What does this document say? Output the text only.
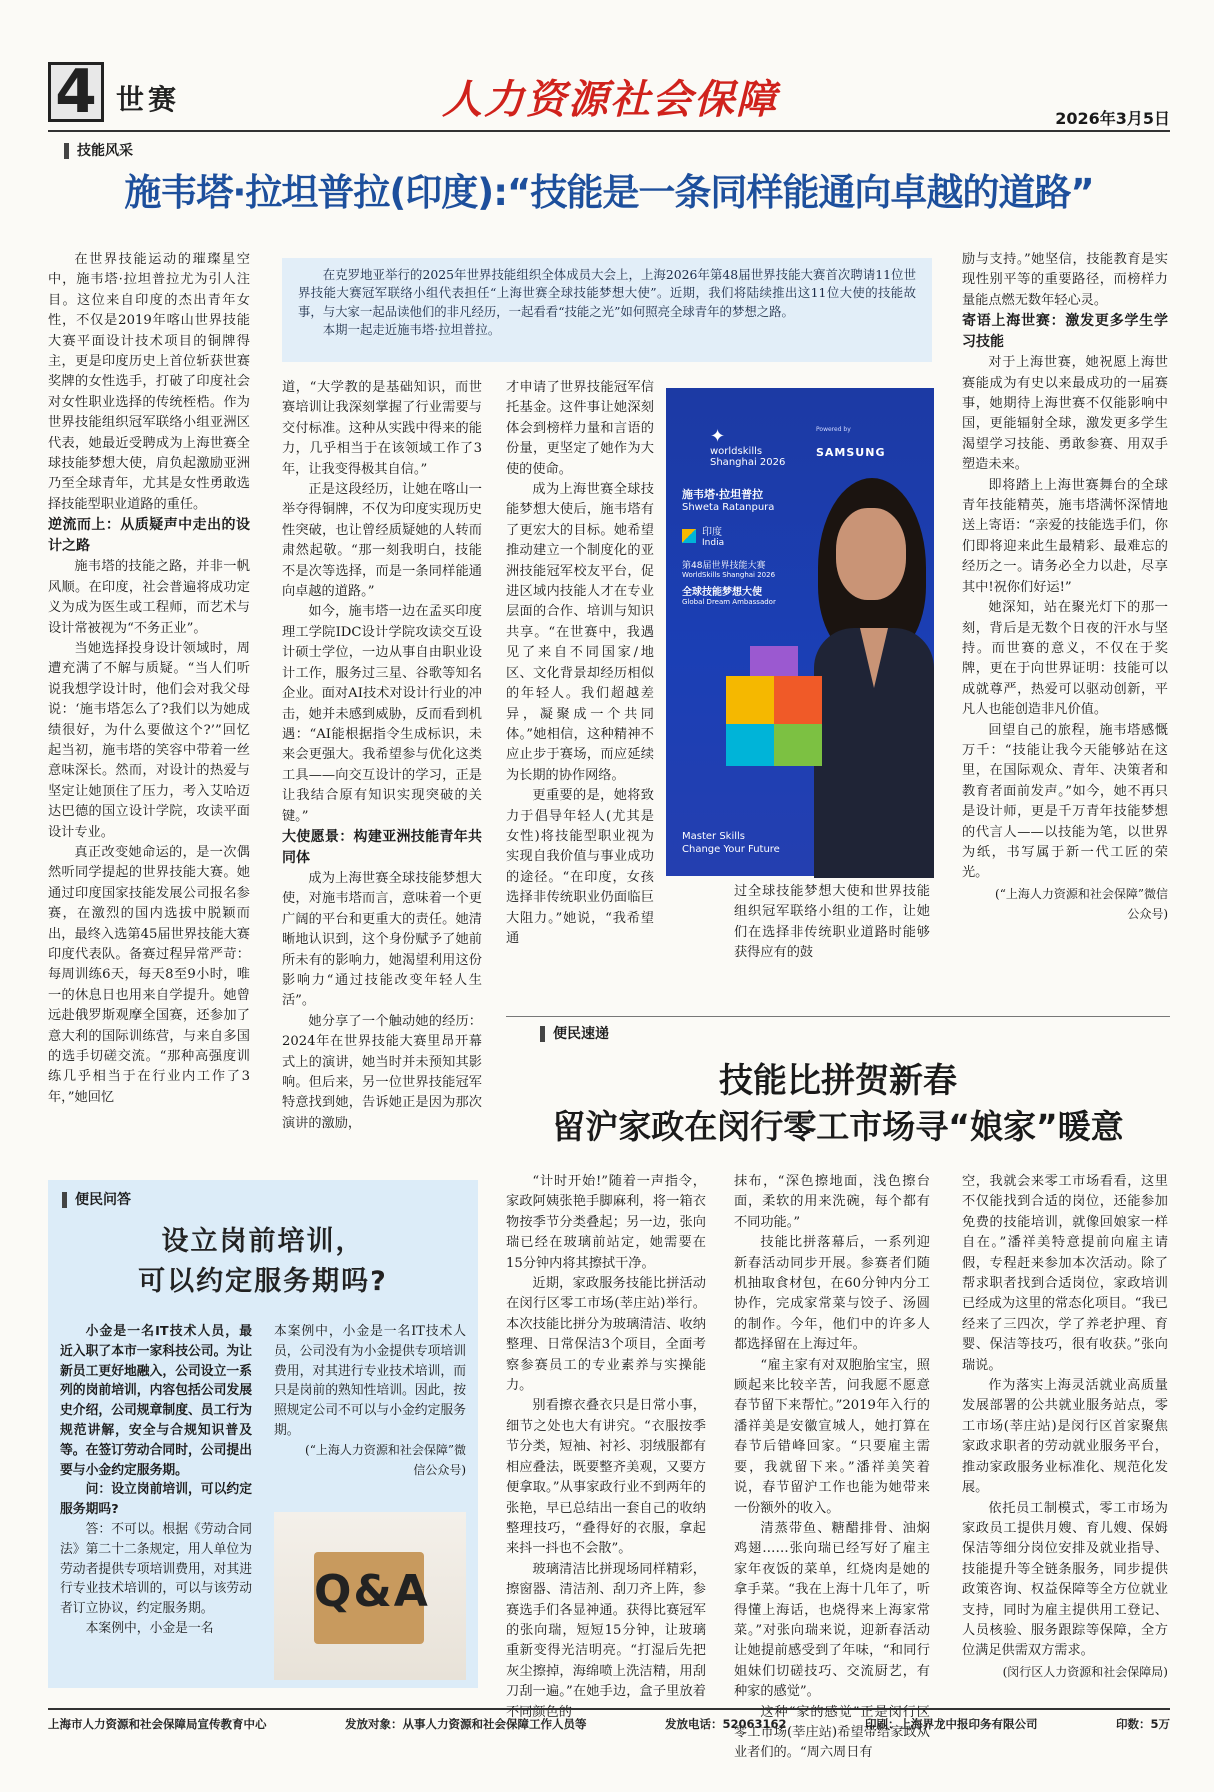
4 世赛	人力资源社会保障	2026年3月5日
技能风采
施韦塔·拉坦普拉(印度):“技能是一条同样能通向卓越的道路”

在克罗地亚举行的2025年世界技能组织全体成员大会上，上海2026年第48届世界技能大赛首次聘请11位世界技能大赛冠军联络小组代表担任“上海世赛全球技能梦想大使”。近期，我们将陆续推出这11位大使的技能故事，与大家一起品读他们的非凡经历，一起看看“技能之光”如何照亮全球青年的梦想之路。

本期一起走近施韦塔·拉坦普拉。

在世界技能运动的璀璨星空中，施韦塔·拉坦普拉尤为引人注目。这位来自印度的杰出青年女性，不仅是2019年喀山世界技能大赛平面设计技术项目的铜牌得主，更是印度历史上首位斩获世赛奖牌的女性选手，打破了印度社会对女性职业选择的传统桎梏。作为世界技能组织冠军联络小组亚洲区代表，她最近受聘成为上海世赛全球技能梦想大使，肩负起激励亚洲乃至全球青年，尤其是女性勇敢选择技能型职业道路的重任。

逆流而上：从质疑声中走出的设计之路

施韦塔的技能之路，并非一帆风顺。在印度，社会普遍将成功定义为成为医生或工程师，而艺术与设计常被视为“不务正业”。

当她选择投身设计领域时，周遭充满了不解与质疑。“当人们听说我想学设计时，他们会对我父母说：‘施韦塔怎么了?我们以为她成绩很好，为什么要做这个?’”回忆起当初，施韦塔的笑容中带着一丝意味深长。然而，对设计的热爱与坚定让她顶住了压力，考入艾哈迈达巴德的国立设计学院，攻读平面设计专业。

真正改变她命运的，是一次偶然听同学提起的世界技能大赛。她通过印度国家技能发展公司报名参赛，在激烈的国内选拔中脱颖而出，最终入选第45届世界技能大赛印度代表队。备赛过程异常严苛：每周训练6天，每天8至9小时，唯一的休息日也用来自学提升。她曾远赴俄罗斯观摩全国赛，还参加了意大利的国际训练营，与来自多国的选手切磋交流。“那种高强度训练几乎相当于在行业内工作了3年，”她回忆

道，“大学教的是基础知识，而世赛培训让我深刻掌握了行业需要与交付标准。这种从实践中得来的能力，几乎相当于在该领域工作了3年，让我变得极其自信。”

正是这段经历，让她在喀山一举夺得铜牌，不仅为印度实现历史性突破，也让曾经质疑她的人转而肃然起敬。“那一刻我明白，技能不是次等选择，而是一条同样能通向卓越的道路。”

如今，施韦塔一边在孟买印度理工学院IDC设计学院攻读交互设计硕士学位，一边从事自由职业设计工作，服务过三星、谷歌等知名企业。面对AI技术对设计行业的冲击，她并未感到威胁，反而看到机遇：“AI能根据指令生成标识，未来会更强大。我希望参与优化这类工具——向交互设计的学习，正是让我结合原有知识实现突破的关键。”

大使愿景：构建亚洲技能青年共同体

成为上海世赛全球技能梦想大使，对施韦塔而言，意味着一个更广阔的平台和更重大的责任。她清晰地认识到，这个身份赋予了她前所未有的影响力，她渴望利用这份影响力“通过技能改变年轻人生活”。

她分享了一个触动她的经历：2024年在世界技能大赛里昂开幕式上的演讲，她当时并未预知其影响。但后来，另一位世界技能冠军特意找到她，告诉她正是因为那次演讲的激励，

才申请了世界技能冠军信托基金。这件事让她深刻体会到榜样力量和言语的份量，更坚定了她作为大使的使命。

成为上海世赛全球技能梦想大使后，施韦塔有了更宏大的目标。她希望推动建立一个制度化的亚洲技能冠军校友平台，促进区域内技能人才在专业层面的合作、培训与知识共享。“在世赛中，我遇见了来自不同国家/地区、文化背景却经历相似的年轻人。我们超越差异，凝聚成一个共同体。”她相信，这种精神不应止步于赛场，而应延续为长期的协作网络。

更重要的是，她将致力于倡导年轻人(尤其是女性)将技能型职业视为实现自我价值与事业成功的途径。“在印度，女孩选择非传统职业仍面临巨大阻力。”她说，“我希望通

过全球技能梦想大使和世界技能组织冠军联络小组的工作，让她们在选择非传统职业道路时能够获得应有的鼓

✦
worldskills
Shanghai 2026
Powered by
SAMSUNG
施韦塔·拉坦普拉
Shweta Ratanpura
印度
India
第48届世界技能大赛
WorldSkills Shanghai 2026
全球技能梦想大使
Global Dream Ambassador
Master Skills
Change Your Future

励与支持。”她坚信，技能教育是实现性别平等的重要路径，而榜样力量能点燃无数年轻心灵。

寄语上海世赛：激发更多学生学习技能

对于上海世赛，她祝愿上海世赛能成为有史以来最成功的一届赛事，她期待上海世赛不仅能影响中国，更能辐射全球，激发更多学生渴望学习技能、勇敢参赛、用双手塑造未来。

即将踏上上海世赛舞台的全球青年技能精英，施韦塔满怀深情地送上寄语：“亲爱的技能选手们，你们即将迎来此生最精彩、最难忘的经历之一。请务必全力以赴，尽享其中!祝你们好运!”

她深知，站在聚光灯下的那一刻，背后是无数个日夜的汗水与坚持。而世赛的意义，不仅在于奖牌，更在于向世界证明：技能可以成就尊严，热爱可以驱动创新，平凡人也能创造非凡价值。

回望自己的旅程，施韦塔感慨万千：“技能让我今天能够站在这里，在国际观众、青年、决策者和教育者面前发声。”如今，她不再只是设计师，更是千万青年技能梦想的代言人——以技能为笔，以世界为纸，书写属于新一代工匠的荣光。

(“上海人力资源和社会保障”微信公众号)

便民问答
设立岗前培训，
可以约定服务期吗?

小金是一名IT技术人员，最近入职了本市一家科技公司。为让新员工更好地融入，公司设立一系列的岗前培训，内容包括公司发展史介绍，公司规章制度、员工行为规范讲解，安全与合规知识普及等。在签订劳动合同时，公司提出要与小金约定服务期。

问：设立岗前培训，可以约定服务期吗?

答：不可以。根据《劳动合同法》第二十二条规定，用人单位为劳动者提供专项培训费用，对其进行专业技术培训的，可以与该劳动者订立协议，约定服务期。

本案例中，小金是一名

本案例中，小金是一名IT技术人员，公司没有为小金提供专项培训费用，对其进行专业技术培训，而只是岗前的熟知性培训。因此，按照规定公司不可以与小金约定服务期。

(“上海人力资源和社会保障”微信公众号)

Q&A
便民速递
技能比拼贺新春
留沪家政在闵行零工市场寻“娘家”暖意

“计时开始!”随着一声指令，家政阿姨张艳手脚麻利，将一箱衣物按季节分类叠起；另一边，张向瑞已经在玻璃前站定，她需要在15分钟内将其擦拭干净。

近期，家政服务技能比拼活动在闵行区零工市场(莘庄站)举行。本次技能比拼分为玻璃清洁、收纳整理、日常保洁3个项目，全面考察参赛员工的专业素养与实操能力。

别看擦衣叠衣只是日常小事，细节之处也大有讲究。“衣服按季节分类，短袖、衬衫、羽绒服都有相应叠法，既要整齐美观，又要方便拿取。”从事家政行业不到两年的张艳，早已总结出一套自己的收纳整理技巧，“叠得好的衣服，拿起来抖一抖也不会散”。

玻璃清洁比拼现场同样精彩，擦窗器、清洁剂、刮刀齐上阵，参赛选手们各显神通。获得比赛冠军的张向瑞，短短15分钟，让玻璃重新变得光洁明亮。“打湿后先把灰尘擦掉，海绵喷上洗洁精，用刮刀刮一遍。”在她手边，盒子里放着不同颜色的

抹布，“深色擦地面，浅色擦台面，柔软的用来洗碗，每个都有不同功能。”

技能比拼落幕后，一系列迎新春活动同步开展。参赛者们随机抽取食材包，在60分钟内分工协作，完成家常菜与饺子、汤圆的制作。今年，他们中的许多人都选择留在上海过年。

“雇主家有对双胞胎宝宝，照顾起来比较辛苦，问我愿不愿意春节留下来帮忙。”2019年入行的潘祥美是安徽宣城人，她打算在春节后错峰回家。“只要雇主需要，我就留下来。”潘祥美笑着说，春节留沪工作也能为她带来一份额外的收入。

清蒸带鱼、糖醋排骨、油焖鸡翅……张向瑞已经写好了雇主家年夜饭的菜单，红烧肉是她的拿手菜。“我在上海十几年了，听得懂上海话，也烧得来上海家常菜。”对张向瑞来说，迎新春活动让她提前感受到了年味，“和同行姐妹们切磋技巧、交流厨艺，有种家的感觉”。

这种“家的感觉”正是闵行区零工市场(莘庄站)希望带给家政从业者们的。“周六周日有

空，我就会来零工市场看看，这里不仅能找到合适的岗位，还能参加免费的技能培训，就像回娘家一样自在。”潘祥美特意提前向雇主请假，专程赶来参加本次活动。除了帮求职者找到合适岗位，家政培训已经成为这里的常态化项目。“我已经来了三四次，学了养老护理、育婴、保洁等技巧，很有收获。”张向瑞说。

作为落实上海灵活就业高质量发展部署的公共就业服务站点，零工市场(莘庄站)是闵行区首家聚焦家政求职者的劳动就业服务平台，推动家政服务业标准化、规范化发展。

依托员工制模式，零工市场为家政员工提供月嫂、育儿嫂、保姆保洁等细分岗位安排及就业指导、技能提升等全链条服务，同步提供政策咨询、权益保障等全方位就业支持，同时为雇主提供用工登记、人员核验、服务跟踪等保障，全方位满足供需双方需求。

(闵行区人力资源和社会保障局)

上海市人力资源和社会保障局宣传教育中心	发放对象：从事人力资源和社会保障工作人员等	发放电话：52063162	印刷：上海界龙中报印务有限公司	印数：5万
